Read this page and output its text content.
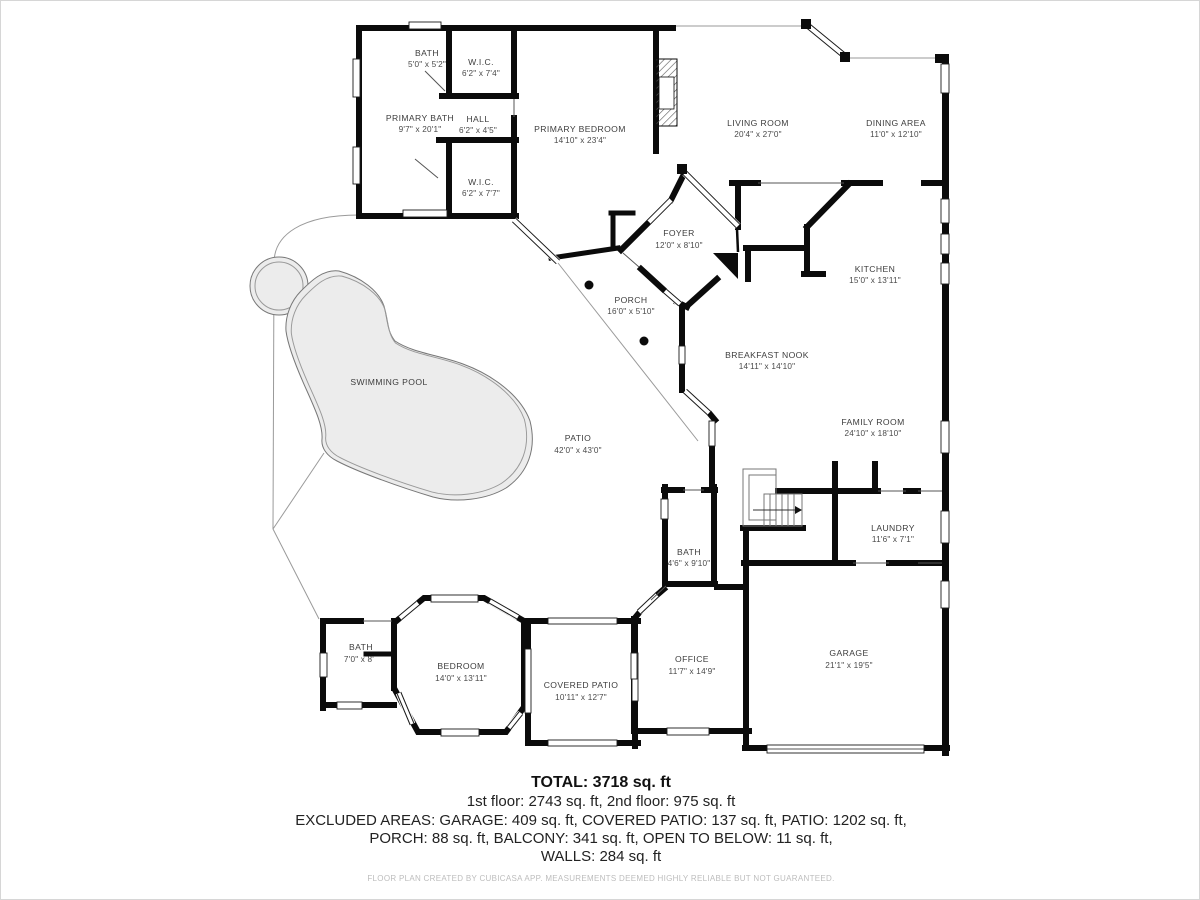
BATH
5'0" x 5'2"	W.I.C.
6'2" x 7'4"
PRIMARY BATH
9'7" x 20'1"
HALL
6'2" x 4'5"	PRIMARY BEDROOM
14'10" x 23'4"
W.I.C.
6'2" x 7'7"
LIVING ROOM
20'4" x 27'0"
DINING AREA
11'0" x 12'10"
FOYER
12'0" x 8'10"
KITCHEN
15'0" x 13'11"
PORCH
16'0" x 5'10"
BREAKFAST NOOK
14'11" x 14'10"
FAMILY ROOM
24'10" x 18'10"
SWIMMING POOL
PATIO
42'0" x 43'0"
LAUNDRY
11'6" x 7'1"
BATH
4'6" x 9'10"
GARAGE
21'1" x 19'5"
OFFICE
11'7" x 14'9"
BATH
7'0" x 8'
BEDROOM
14'0" x 13'11"
COVERED PATIO
10'11" x 12'7"
TOTAL: 3718 sq. ft
1st floor: 2743 sq. ft, 2nd floor: 975 sq. ft
EXCLUDED AREAS: GARAGE: 409 sq. ft, COVERED PATIO: 137 sq. ft, PATIO: 1202 sq. ft,
PORCH: 88 sq. ft, BALCONY: 341 sq. ft, OPEN TO BELOW: 11 sq. ft,
WALLS: 284 sq. ft
FLOOR PLAN CREATED BY CUBICASA APP. MEASUREMENTS DEEMED HIGHLY RELIABLE BUT NOT GUARANTEED.
